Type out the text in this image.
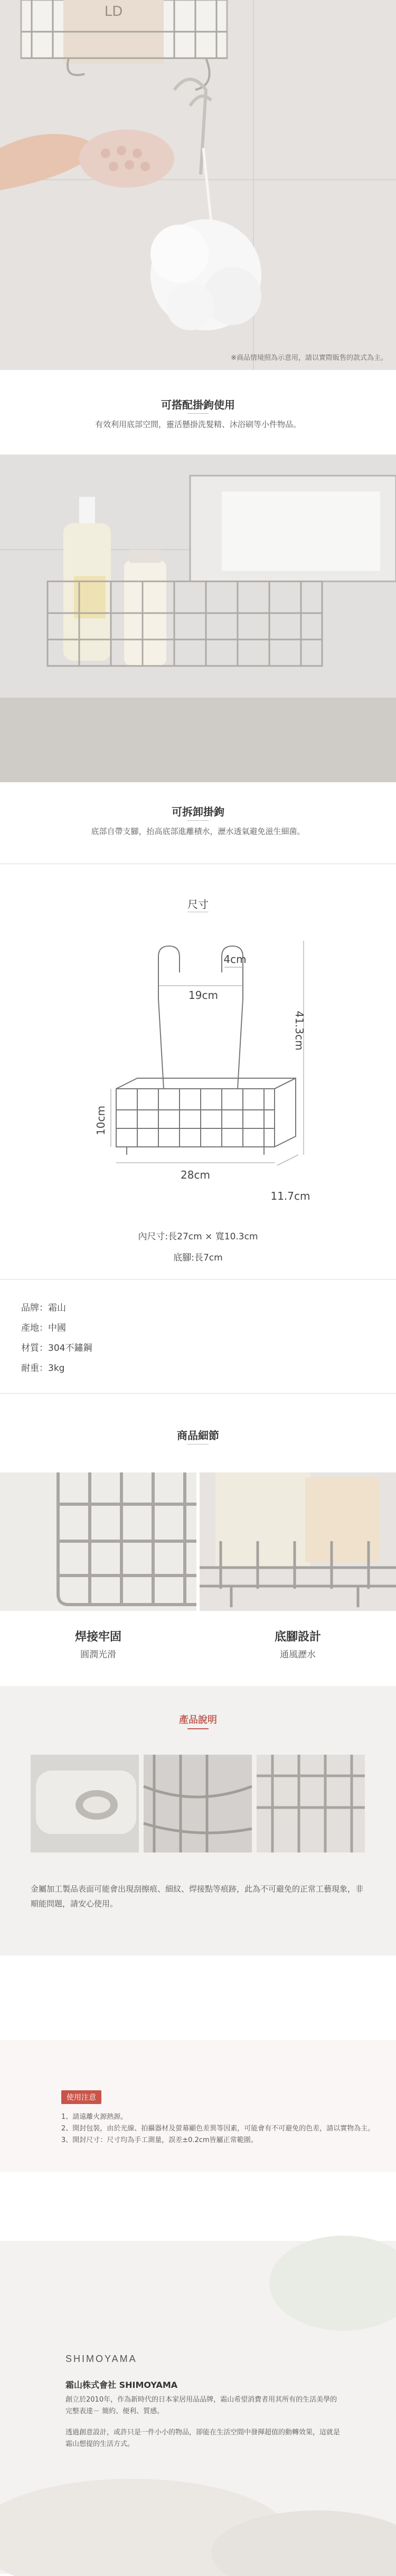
LD
※商品情境照為示意用，請以實際販售的款式為主。
可搭配掛鉤使用
有效利用底部空間，靈活懸掛洗髮精、沐浴刷等小件物品。
可拆卸掛鉤
底部自帶支腳，抬高底部進離積水，瀝水透氣避免滋生細菌。
尺寸
4cm
19cm
41.3cm
10cm
28cm
11.7cm
內尺寸:長27cm × 寬10.3cm
底腳:長7cm
品牌：霜山
產地：中國
材質：304不鏽鋼
耐重：3kg
商品細節
焊接牢固
圓潤光滑
底腳設計
通風瀝水
產品說明
金屬加工製品表面可能會出現刮擦痕、細紋、焊接點等痕跡，此為不可避免的正常工藝現象，非順能問題，請安心使用。
使用注意
1、請遠離火源熱源。
2、開封包裝，由於光線、拍攝器材及螢幕顯色差異等因素，可能會有不可避免的色差，請以實物為主。
3、開封尺寸：尺寸均為手工測量，誤差±0.2cm皆屬正常範圍。
SHIMOYAMA
霜山株式會社 SHIMOYAMA
創立於2010年，作為新時代的日本家居用品品牌，霜山希望消費者用其所有的生活美學的完整表達－ 簡約、便利、質感。
透過創意設計，或許只是一件小小的物品，卻能在生活空間中發揮超值的動轉效果，這就是霜山想提的生活方式。
